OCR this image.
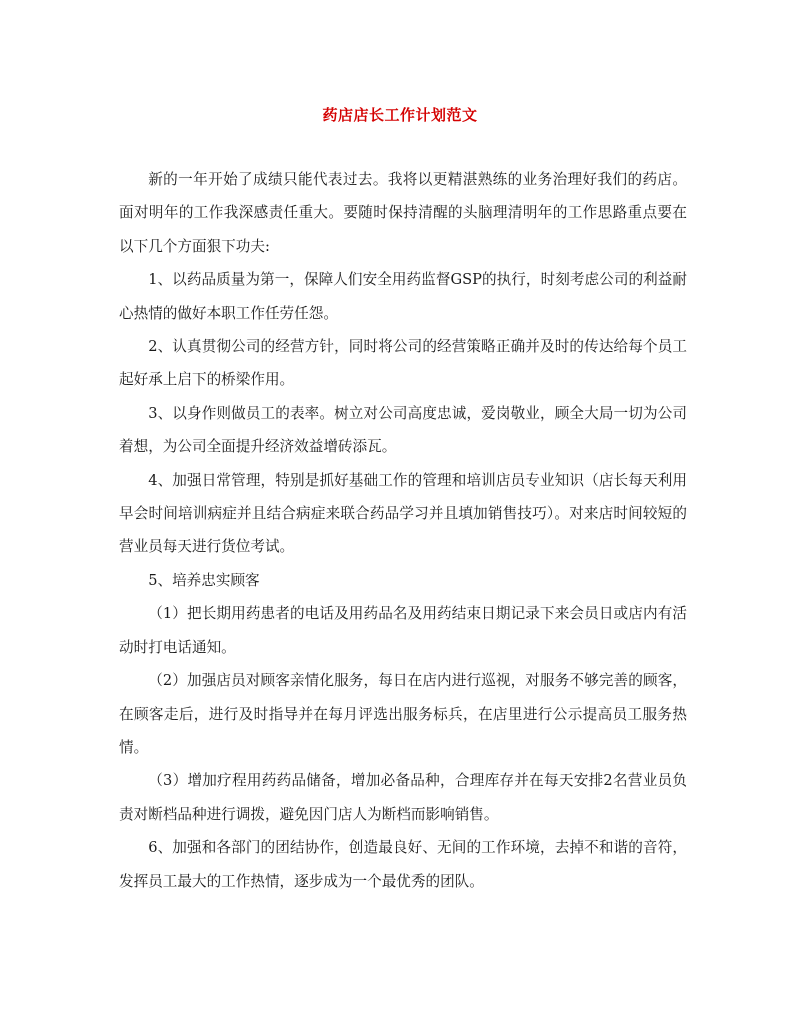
药店店长工作计划范文

新的一年开始了成绩只能代表过去。我将以更精湛熟练的业务治理好我们的药店。面对明年的工作我深感责任重大。要随时保持清醒的头脑理清明年的工作思路重点要在以下几个方面狠下功夫:

1、以药品质量为第一，保障人们安全用药监督GSP的执行，时刻考虑公司的利益耐心热情的做好本职工作任劳任怨。

2、认真贯彻公司的经营方针，同时将公司的经营策略正确并及时的传达给每个员工起好承上启下的桥梁作用。

3、以身作则做员工的表率。树立对公司高度忠诚，爱岗敬业，顾全大局一切为公司着想，为公司全面提升经济效益增砖添瓦。

4、加强日常管理，特别是抓好基础工作的管理和培训店员专业知识（店长每天利用早会时间培训病症并且结合病症来联合药品学习并且填加销售技巧）。对来店时间较短的营业员每天进行货位考试。

5、培养忠实顾客

（1）把长期用药患者的电话及用药品名及用药结束日期记录下来会员日或店内有活动时打电话通知。

（2）加强店员对顾客亲情化服务，每日在店内进行巡视，对服务不够完善的顾客，在顾客走后，进行及时指导并在每月评选出服务标兵，在店里进行公示提高员工服务热情。

（3）增加疗程用药药品储备，增加必备品种，合理库存并在每天安排2名营业员负责对断档品种进行调拨，避免因门店人为断档而影响销售。

6、加强和各部门的团结协作，创造最良好、无间的工作环境，去掉不和谐的音符，发挥员工最大的工作热情，逐步成为一个最优秀的团队。
